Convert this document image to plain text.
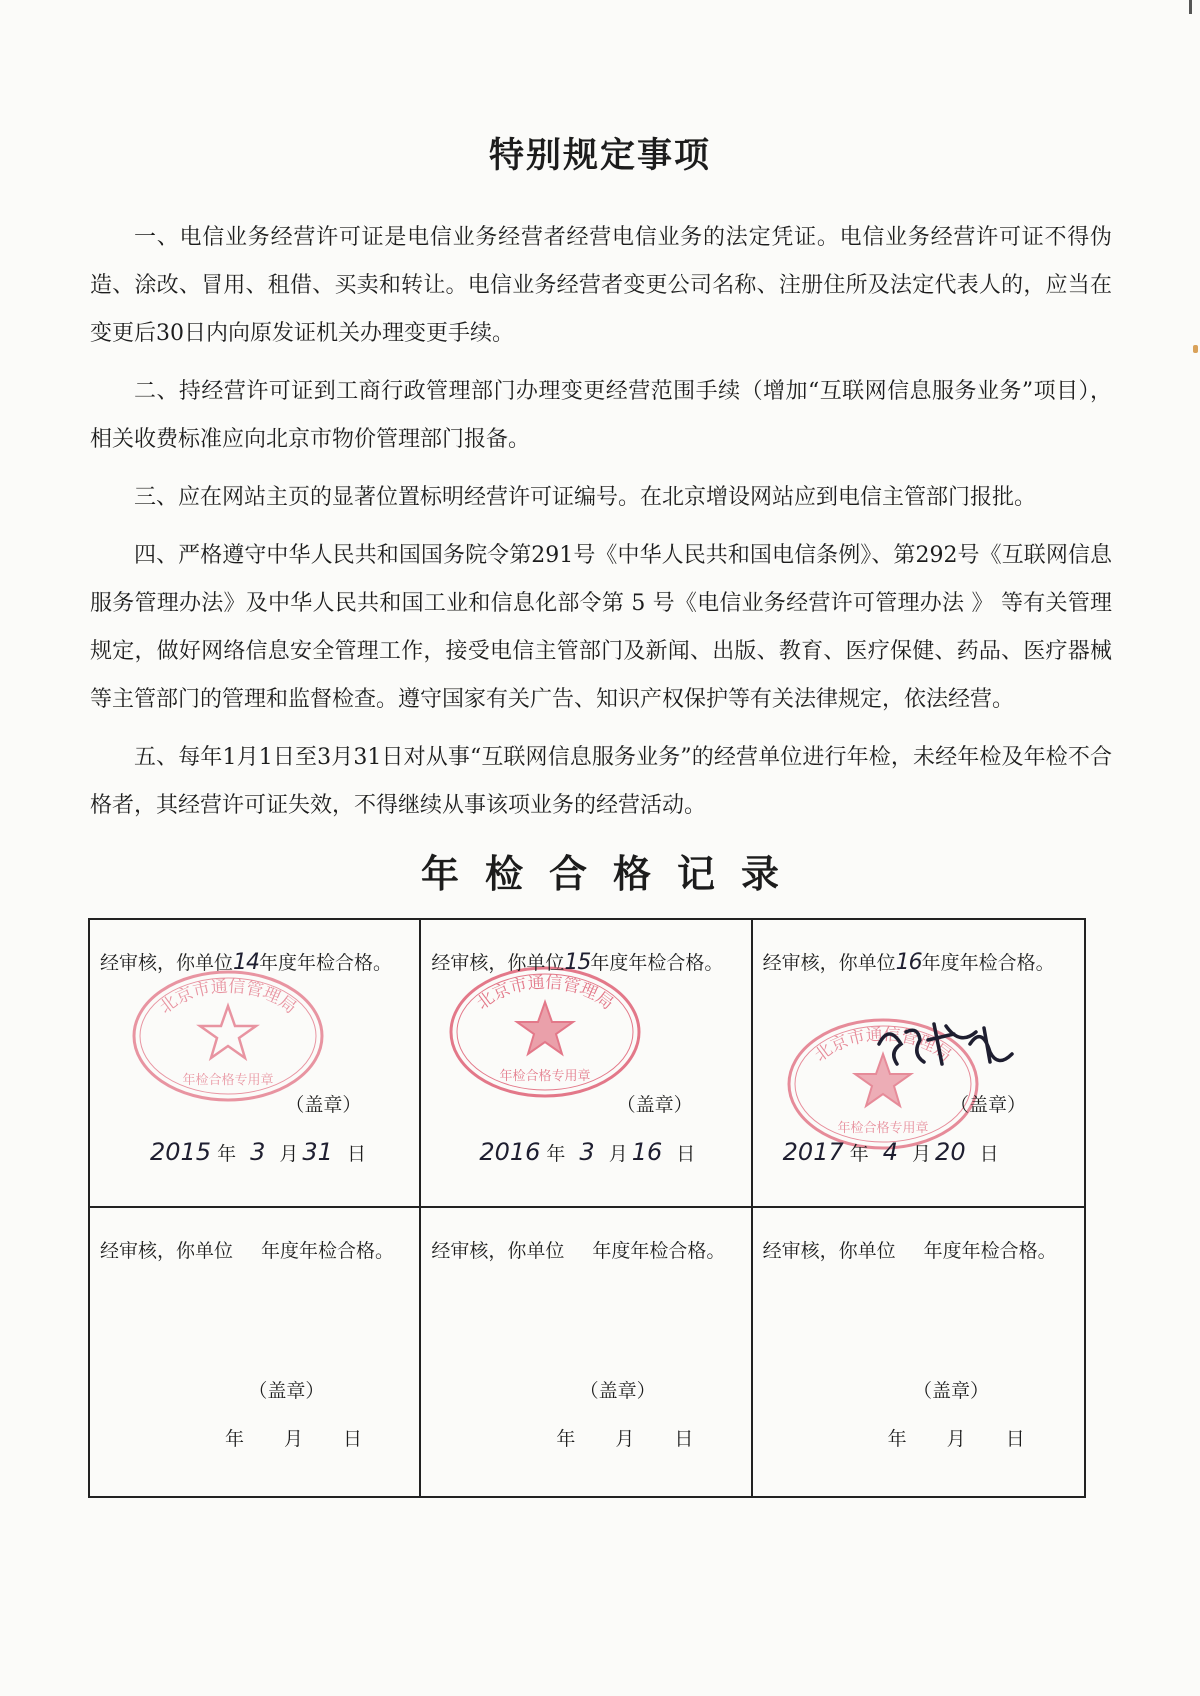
特别规定事项

一、电信业务经营许可证是电信业务经营者经营电信业务的法定凭证。电信业务经营许可证不得伪造、涂改、冒用、租借、买卖和转让。电信业务经营者变更公司名称、注册住所及法定代表人的，应当在变更后30日内向原发证机关办理变更手续。

二、持经营许可证到工商行政管理部门办理变更经营范围手续（增加“互联网信息服务业务”项目），相关收费标准应向北京市物价管理部门报备。

三、应在网站主页的显著位置标明经营许可证编号。在北京增设网站应到电信主管部门报批。

四、严格遵守中华人民共和国国务院令第291号《中华人民共和国电信条例》、第292号《互联网信息服务管理办法》及中华人民共和国工业和信息化部令第 5 号《电信业务经营许可管理办法 》 等有关管理规定，做好网络信息安全管理工作，接受电信主管部门及新闻、出版、教育、医疗保健、药品、医疗器械等主管部门的管理和监督检查。遵守国家有关广告、知识产权保护等有关法律规定，依法经营。

五、每年1月1日至3月31日对从事“互联网信息服务业务”的经营单位进行年检，未经年检及年检不合格者，其经营许可证失效，不得继续从事该项业务的经营活动。

年检合格记录
北京市通信管理局
年检合格专用章
经审核，你单位14年度年检合格。
（盖章）
2015 年 3 月 31 日
北京市通信管理局
年检合格专用章
经审核，你单位15年度年检合格。
（盖章）
2016 年 3 月 16 日
北京市通信管理局
年检合格专用章
经审核，你单位16年度年检合格。
（盖章）
2017 年 4 月 20 日
经审核，你单位 年度年检合格。
（盖章）
年 月 日
经审核，你单位 年度年检合格。
（盖章）
年 月 日
经审核，你单位 年度年检合格。
（盖章）
年 月 日
